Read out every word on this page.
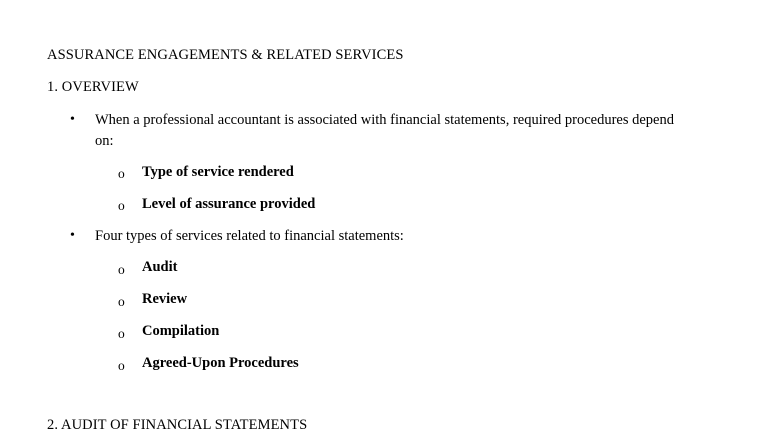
ASSURANCE ENGAGEMENTS & RELATED SERVICES
1. OVERVIEW
• When a professional accountant is associated with financial statements, required procedures depend
on:
o Type of service rendered
o Level of assurance provided
• Four types of services related to financial statements:
o Audit
o Review
o Compilation
o Agreed-Upon Procedures
2. AUDIT OF FINANCIAL STATEMENTS
